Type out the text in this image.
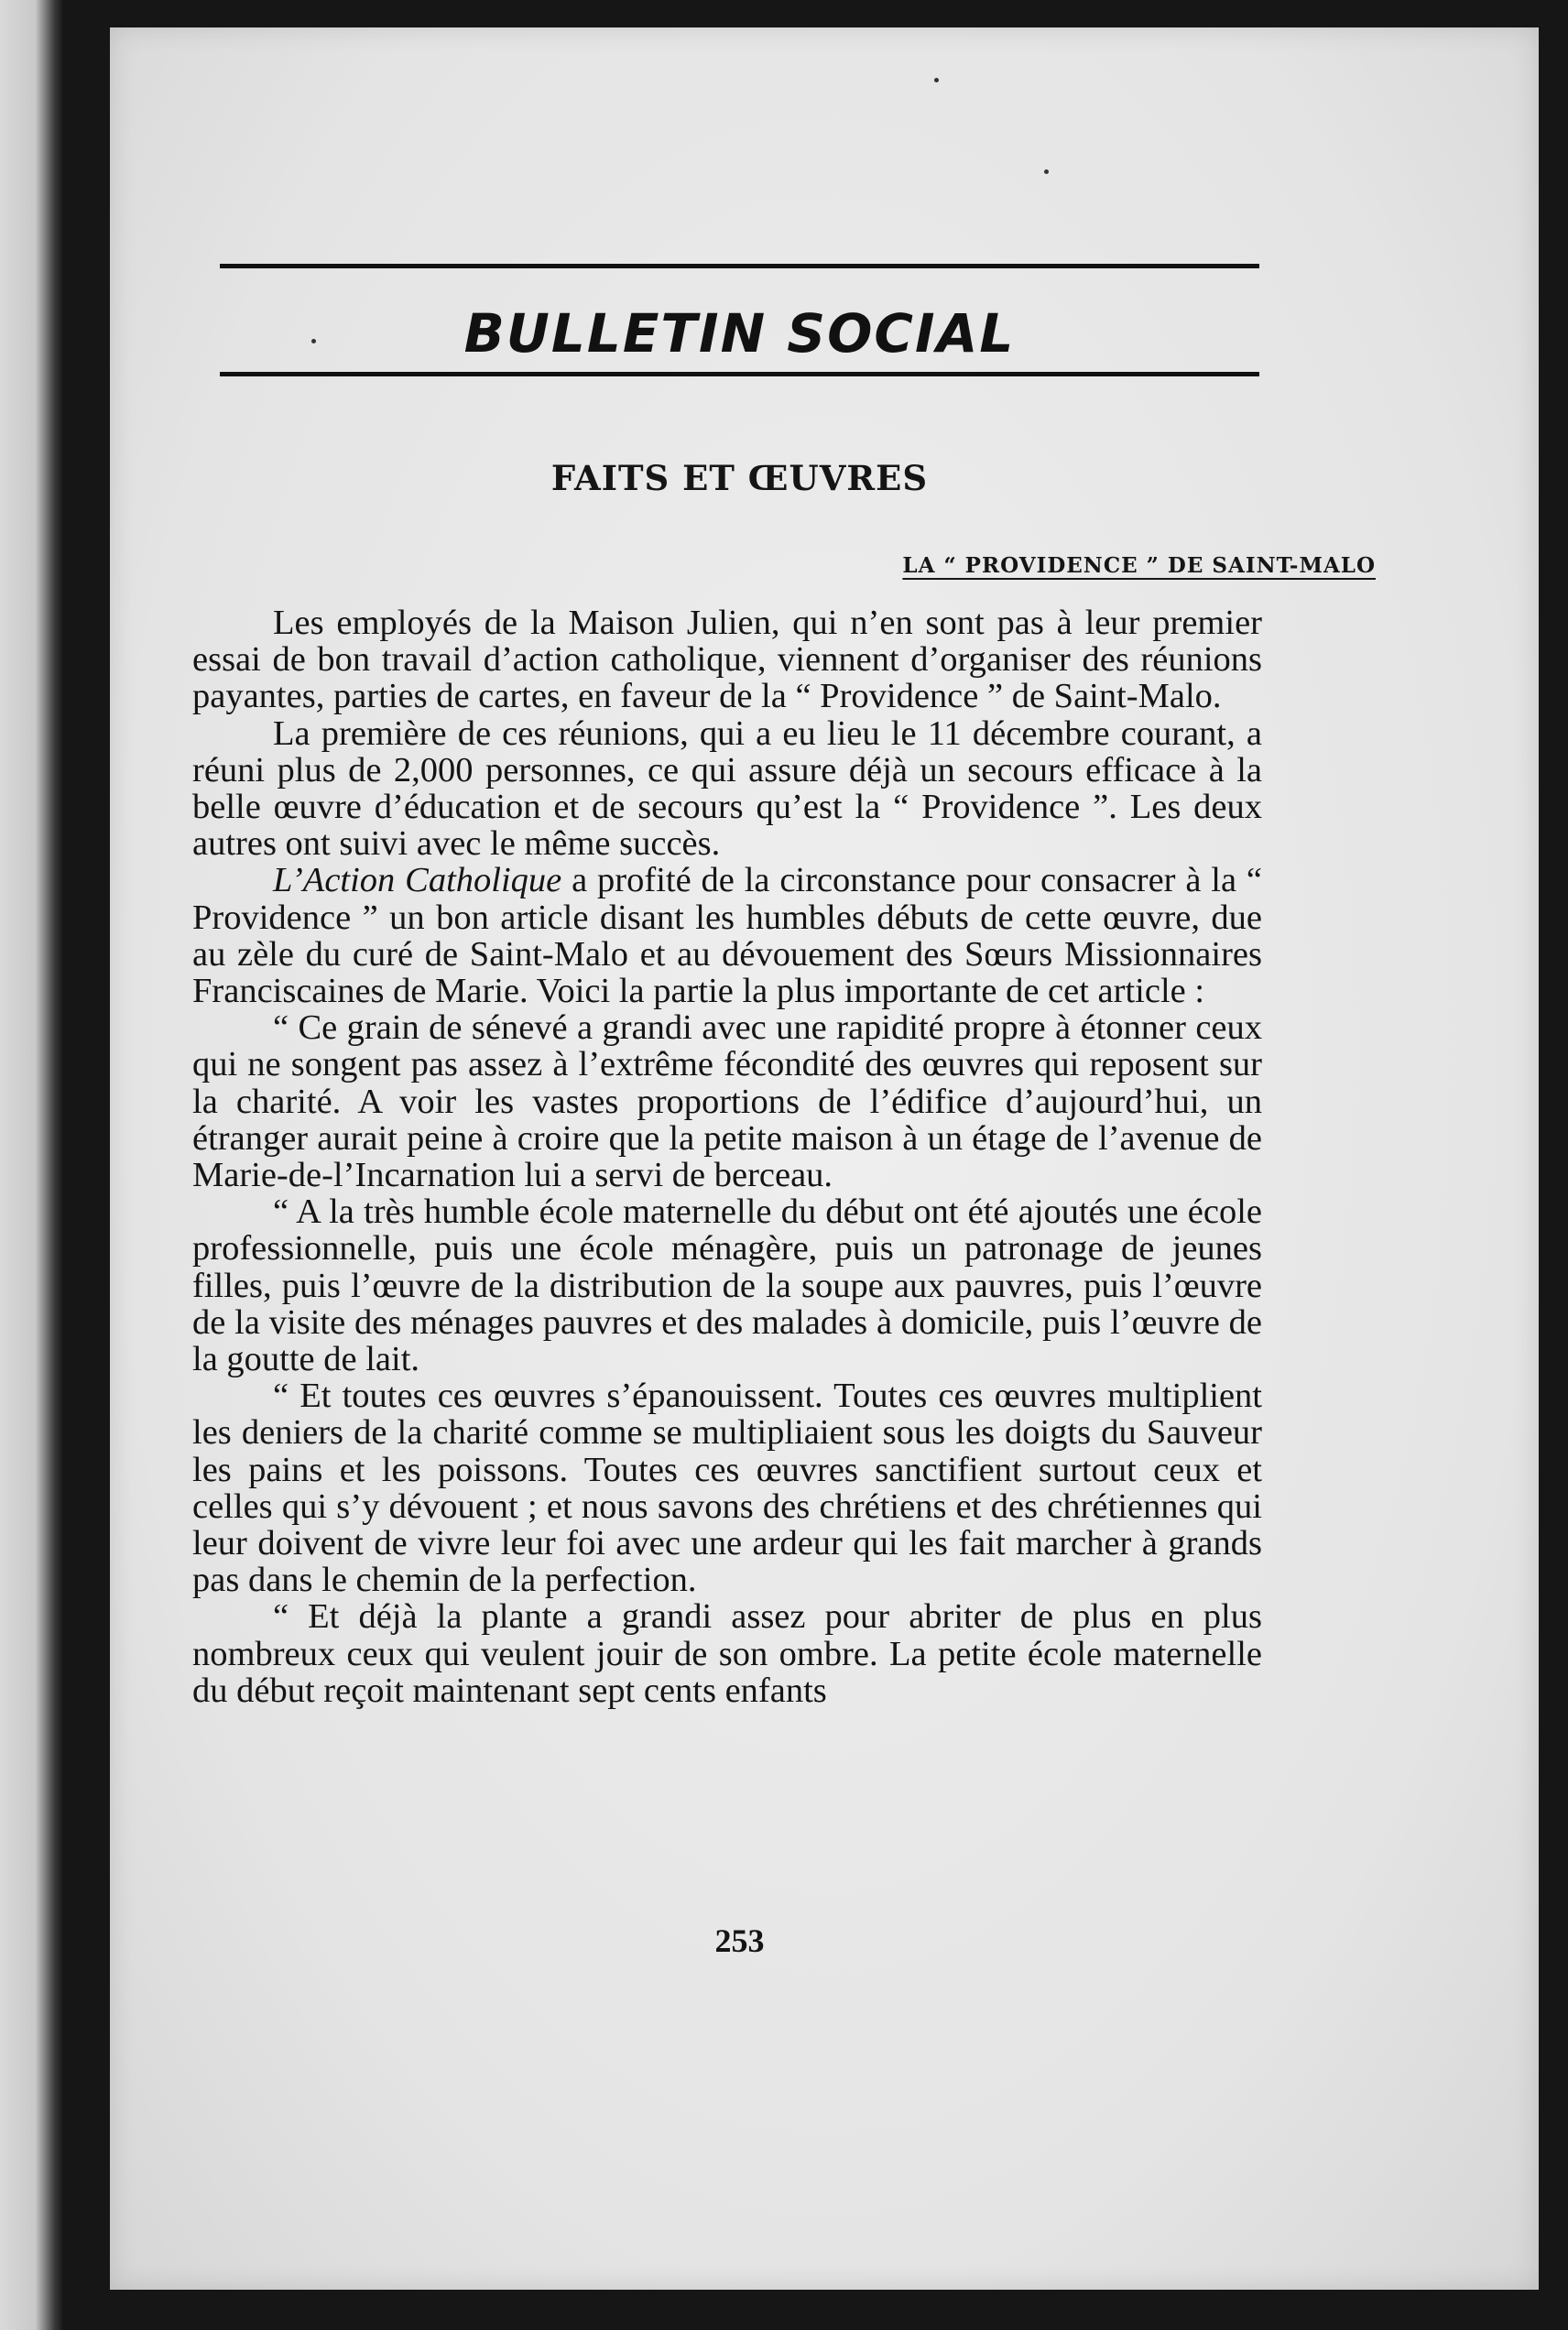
BULLETIN SOCIAL
FAITS ET ŒUVRES
LA “ PROVIDENCE ” DE SAINT-MALO

Les employés de la Maison Julien, qui n’en sont pas à leur premier essai de bon travail d’action catholique, viennent d’organiser des réunions payantes, parties de cartes, en faveur de la “ Providence ” de Saint-Malo.

La première de ces réunions, qui a eu lieu le 11 décembre courant, a réuni plus de 2,000 personnes, ce qui assure déjà un secours efficace à la belle œuvre d’éducation et de secours qu’est la “ Providence ”. Les deux autres ont suivi avec le même succès.

L’Action Catholique a profité de la circonstance pour consacrer à la “ Providence ” un bon article disant les humbles débuts de cette œuvre, due au zèle du curé de Saint-Malo et au dévouement des Sœurs Missionnaires Franciscaines de Marie. Voici la partie la plus importante de cet article :

“ Ce grain de sénevé a grandi avec une rapidité propre à étonner ceux qui ne songent pas assez à l’extrême fécondité des œuvres qui reposent sur la charité. A voir les vastes proportions de l’édifice d’aujourd’hui, un étranger aurait peine à croire que la petite maison à un étage de l’avenue de Marie-de-l’Incarnation lui a servi de berceau.

“ A la très humble école maternelle du début ont été ajoutés une école professionnelle, puis une école ménagère, puis un patronage de jeunes filles, puis l’œuvre de la distribution de la soupe aux pauvres, puis l’œuvre de la visite des ménages pauvres et des malades à domicile, puis l’œuvre de la goutte de lait.

“ Et toutes ces œuvres s’épanouissent. Toutes ces œuvres multiplient les deniers de la charité comme se multipliaient sous les doigts du Sauveur les pains et les poissons. Toutes ces œuvres sanctifient surtout ceux et celles qui s’y dévouent ; et nous savons des chrétiens et des chrétiennes qui leur doivent de vivre leur foi avec une ardeur qui les fait marcher à grands pas dans le chemin de la perfection.

“ Et déjà la plante a grandi assez pour abriter de plus en plus nombreux ceux qui veulent jouir de son ombre. La petite école maternelle du début reçoit maintenant sept cents enfants

253
